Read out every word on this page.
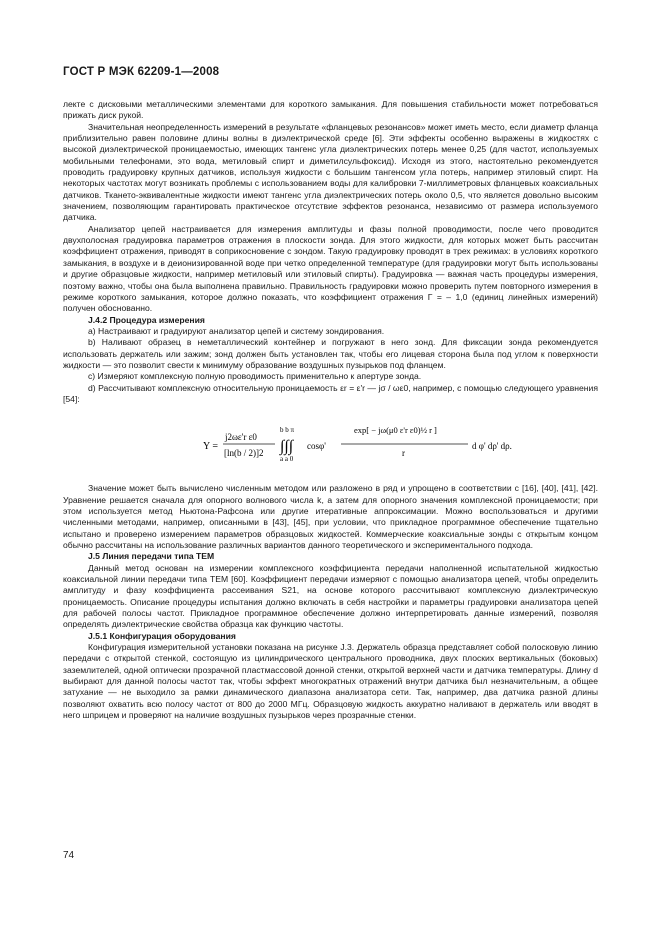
ГОСТ Р МЭК 62209-1—2008

лекте с дисковыми металлическими элементами для короткого замыкания. Для повышения стабильности может потребоваться прижать диск рукой.

Значительная неопределенность измерений в результате «фланцевых резонансов» может иметь место, если диаметр фланца приблизительно равен половине длины волны в диэлектрической среде [6]. Эти эффекты особенно выражены в жидкостях с высокой диэлектрической проницаемостью, имеющих тангенс угла диэлектрических потерь менее 0,25 (для частот, используемых мобильными телефонами, это вода, метиловый спирт и диметилсульфоксид). Исходя из этого, настоятельно рекомендуется проводить градуировку крупных датчиков, используя жидкости с большим тангенсом угла потерь, например этиловый спирт. На некоторых частотах могут возникать проблемы с использованием воды для калибровки 7-миллиметровых фланцевых коаксиальных датчиков. Ткането-эквивалентные жидкости имеют тангенс угла диэлектрических потерь около 0,5, что является довольно высоким значением, позволяющим гарантировать практическое отсутствие эффектов резонанса, независимо от размера используемого датчика.

Анализатор цепей настраивается для измерения амплитуды и фазы полной проводимости, после чего проводится двухполосная градуировка параметров отражения в плоскости зонда. Для этого жидкости, для которых может быть рассчитан коэффициент отражения, приводят в соприкосновение с зондом. Такую градуировку проводят в трех режимах: в условиях короткого замыкания, в воздухе и в деионизированной воде при четко определенной температуре (для градуировки могут быть использованы и другие образцовые жидкости, например метиловый или этиловый спирты). Градуировка — важная часть процедуры измерения, поэтому важно, чтобы она была выполнена правильно. Правильность градуировки можно проверить путем повторного измерения в режиме короткого замыкания, которое должно показать, что коэффициент отражения Г = – 1,0 (единиц линейных измерений) получен обоснованно.

J.4.2 Процедура измерения

а) Настраивают и градуируют анализатор цепей и систему зондирования.

b) Наливают образец в неметаллический контейнер и погружают в него зонд. Для фиксации зонда рекомендуется использовать держатель или зажим; зонд должен быть установлен так, чтобы его лицевая сторона была под углом к поверхности жидкости — это позволит свести к минимуму образование воздушных пузырьков под фланцем.

с) Измеряют комплексную полную проводимость применительно к апертуре зонда.

d) Рассчитывают комплексную относительную проницаемость εr = ε'r — jσ / ωε0, например, с помощью следующего уравнения [54]:

Y =
j2ωε'r ε0
[ln(b / 2)]2
b b π
∫∫∫
a a 0
cosφ'
exp[ − jω(μ0 ε'r ε0)½ r ]
r
d φ' dρ' dρ.

Значение может быть вычислено численным методом или разложено в ряд и упрощено в соответствии с [16], [40], [41], [42]. Уравнение решается сначала для опорного волнового числа k, а затем для опорного значения комплексной проницаемости; при этом используется метод Ньютона-Рафсона или другие итеративные аппроксимации. Можно воспользоваться и другими численными методами, например, описанными в [43], [45], при условии, что прикладное программное обеспечение тщательно испытано и проверено измерением параметров образцовых жидкостей. Коммерческие коаксиальные зонды с открытым концом обычно рассчитаны на использование различных вариантов данного теоретического и экспериментального подхода.

J.5 Линия передачи типа ТЕМ

Данный метод основан на измерении комплексного коэффициента передачи наполненной испытательной жидкостью коаксиальной линии передачи типа ТЕМ [60]. Коэффициент передачи измеряют с помощью анализатора цепей, чтобы определить амплитуду и фазу коэффициента рассеивания S21, на основе которого рассчитывают комплексную диэлектрическую проницаемость. Описание процедуры испытания должно включать в себя настройки и параметры градуировки анализатора цепей для рабочей полосы частот. Прикладное программное обеспечение должно интерпретировать данные измерений, позволяя определять диэлектрические свойства образца как функцию частоты.

J.5.1 Конфигурация оборудования

Конфигурация измерительной установки показана на рисунке J.3. Держатель образца представляет собой полосковую линию передачи с открытой стенкой, состоящую из цилиндрического центрального проводника, двух плоских вертикальных (боковых) заземлителей, одной оптически прозрачной пластмассовой донной стенки, открытой верхней части и датчика температуры. Длину d выбирают для данной полосы частот так, чтобы эффект многократных отражений внутри датчика был незначительным, а общее затухание — не выходило за рамки динамического диапазона анализатора сети. Так, например, два датчика разной длины позволяют охватить всю полосу частот от 800 до 2000 МГц. Образцовую жидкость аккуратно наливают в держатель или вводят в него шприцем и проверяют на наличие воздушных пузырьков через прозрачные стенки.

74
